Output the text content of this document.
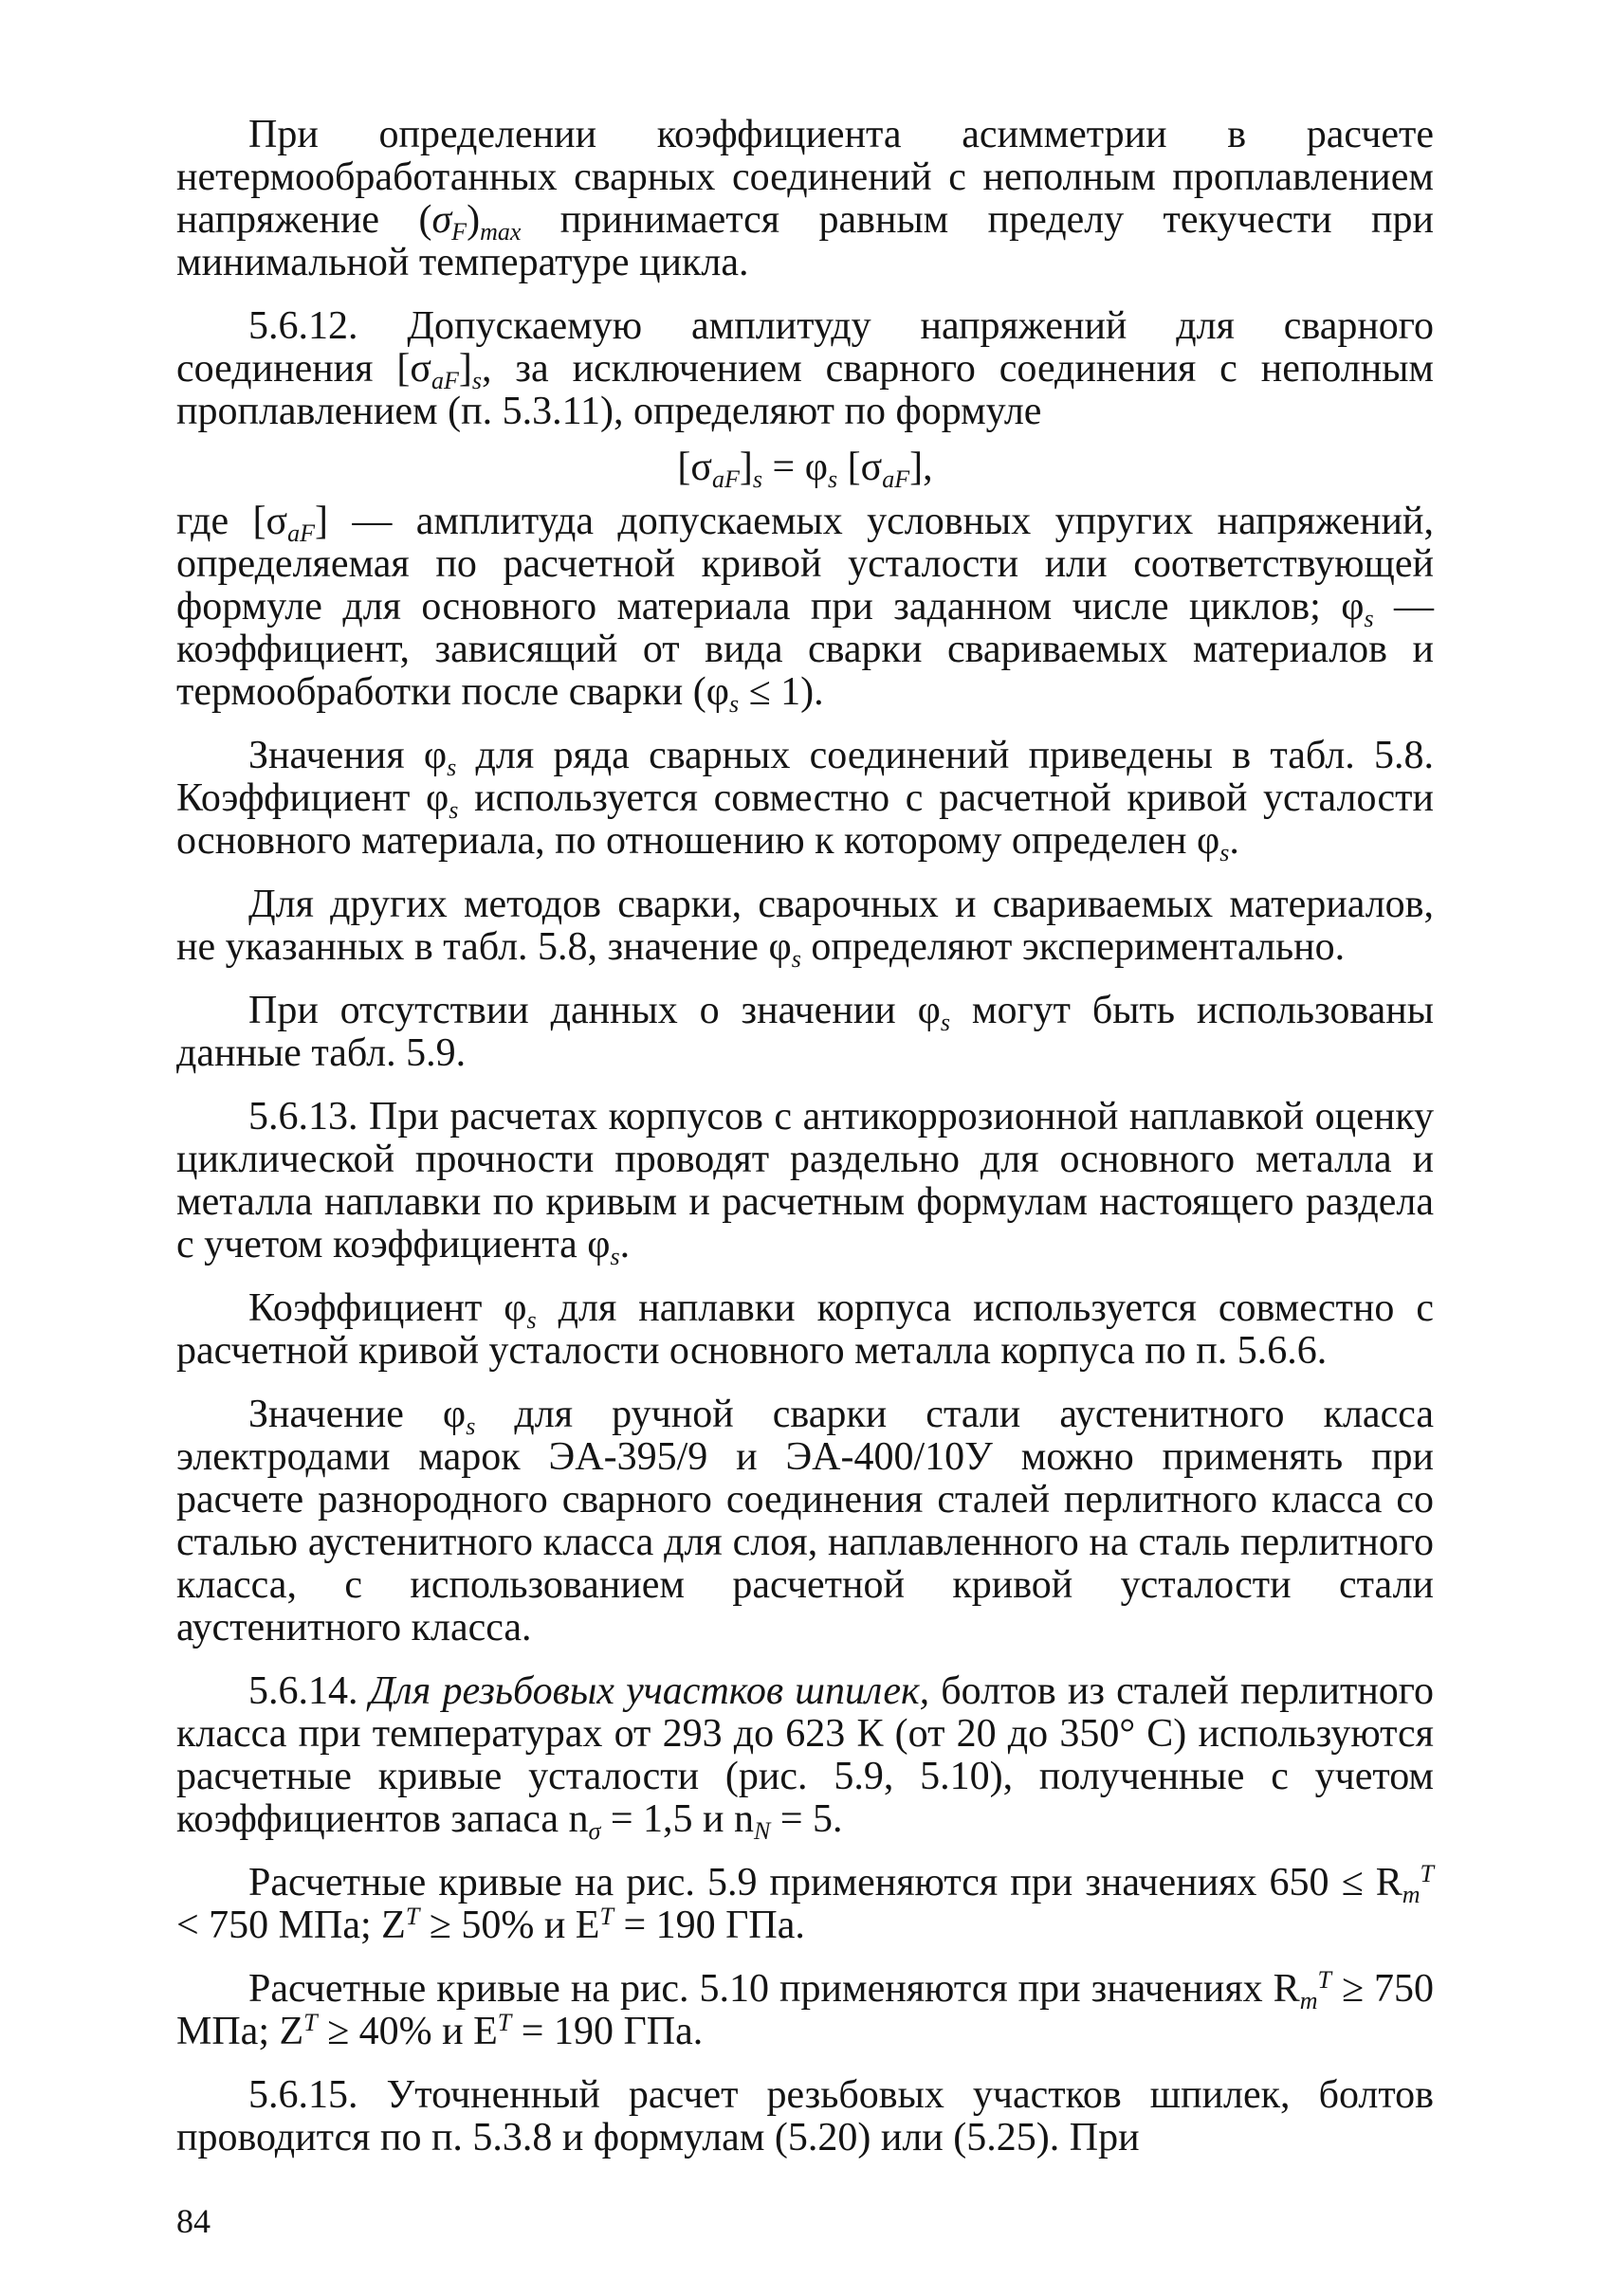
При определении коэффициента асимметрии в расчете нетермообработанных сварных соединений с неполным проплавлением напряжение $(\sigma_F)_{max}$ принимается равным пределу текучести при минимальной температуре цикла.

5.6.12. Допускаемую амплитуду напряжений для сварного соединения $[\sigma_{aF}]_s$, за исключением сварного соединения с неполным проплавлением (п. 5.3.11), определяют по формуле

$[\sigma_{aF}]_s = \varphi_s$ $[\sigma_{aF}]$,

где $[\sigma_{aF}]$ — амплитуда допускаемых условных упругих напряжений, определяемая по расчетной кривой усталости или соответствующей формуле для основного материала при заданном числе циклов; $\varphi_s$ — коэффициент, зависящий от вида сварки свариваемых материалов и термообработки после сварки $(\varphi_s \le 1)$.

Значения $\varphi_s$ для ряда сварных соединений приведены в табл. 5.8. Коэффициент $\varphi_s$ используется совместно с расчетной кривой усталости основного материала, по отношению к которому определен $\varphi_s$.

Для других методов сварки, сварочных и свариваемых материалов, не указанных в табл. 5.8, значение $\varphi_s$ определяют экспериментально.

При отсутствии данных о значении $\varphi_s$ могут быть использованы данные табл. 5.9.

5.6.13. При расчетах корпусов с антикоррозионной наплавкой оценку циклической прочности проводят раздельно для основного металла и металла наплавки по кривым и расчетным формулам настоящего раздела с учетом коэффициента $\varphi_s$.

Коэффициент $\varphi_s$ для наплавки корпуса используется совместно с расчетной кривой усталости основного металла корпуса по п. 5.6.6.

Значение $\varphi_s$ для ручной сварки стали аустенитного класса электродами марок ЭА-395/9 и ЭА-400/10У можно применять при расчете разнородного сварного соединения сталей перлитного класса со сталью аустенитного класса для слоя, наплавленного на сталь перлитного класса, с использованием расчетной кривой усталости стали аустенитного класса.

5.6.14. Для резьбовых участков шпилек, болтов из сталей перлитного класса при температурах от 293 до 623 К (от 20 до 350° С) используются расчетные кривые усталости (рис. 5.9, 5.10), полученные с учетом коэффициентов запаса $n_\sigma = 1,5$ и $n_N = 5$.

Расчетные кривые на рис. 5.9 применяются при значениях $650 \le R_m^T < 750$ МПа; $Z^T \ge 50\%$ и $E^T = 190$ ГПа.

Расчетные кривые на рис. 5.10 применяются при значениях $R_m^T \ge 750$ МПа; $Z^T \ge 40\%$ и $E^T = 190$ ГПа.

5.6.15. Уточненный расчет резьбовых участков шпилек, болтов проводится по п. 5.3.8 и формулам (5.20) или (5.25). При

84
